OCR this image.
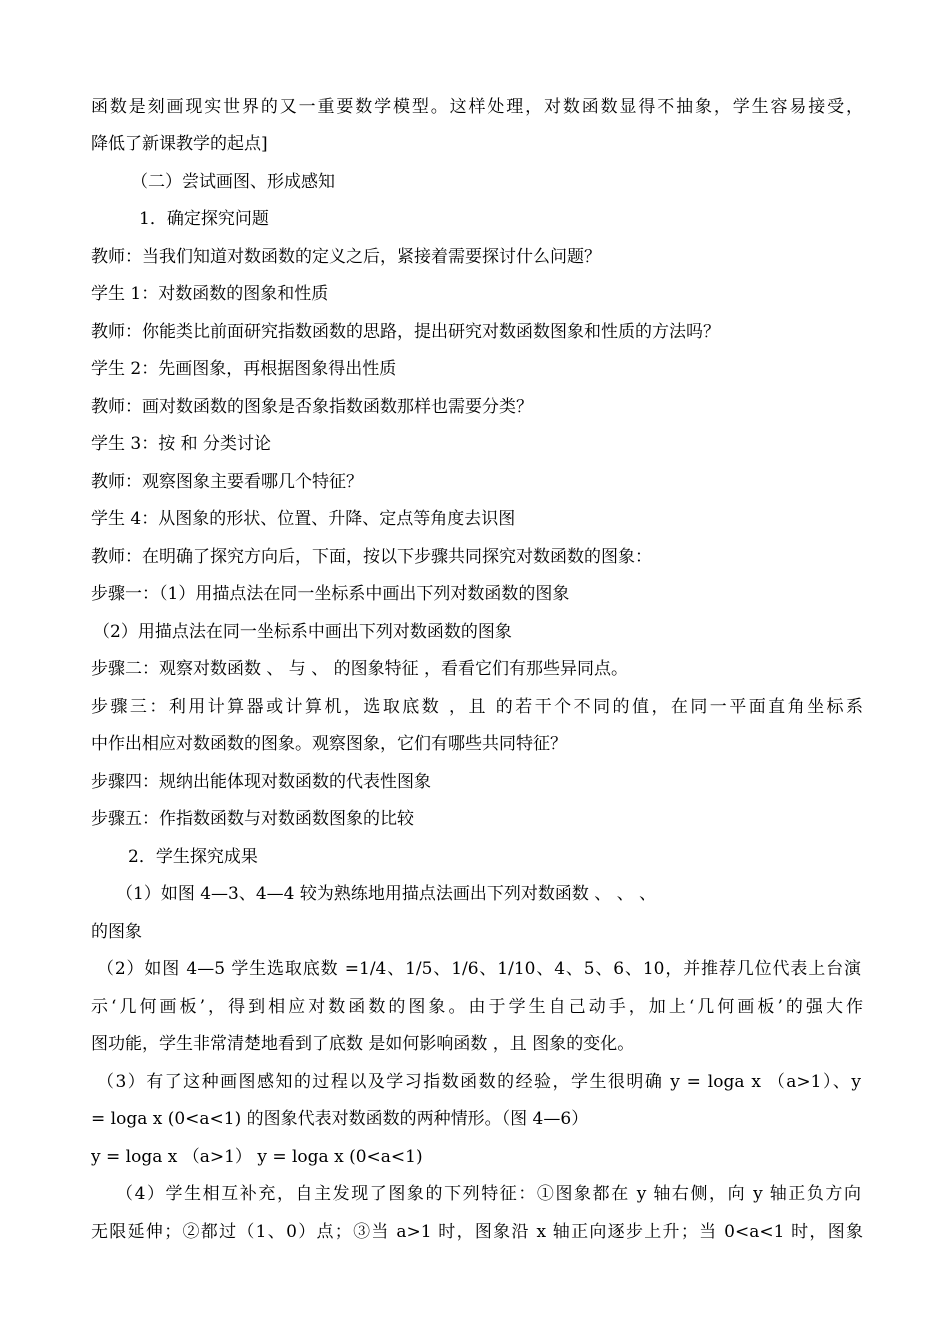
函数是刻画现实世界的又一重要数学模型。这样处理，对数函数显得不抽象，学生容易接受，
降低了新课教学的起点]
（二）尝试画图、形成感知
1．确定探究问题
教师：当我们知道对数函数的定义之后，紧接着需要探讨什么问题？
学生 1：对数函数的图象和性质
教师：你能类比前面研究指数函数的思路，提出研究对数函数图象和性质的方法吗？
学生 2：先画图象，再根据图象得出性质
教师：画对数函数的图象是否象指数函数那样也需要分类？
学生 3：按 和 分类讨论
教师：观察图象主要看哪几个特征？
学生 4：从图象的形状、位置、升降、定点等角度去识图
教师：在明确了探究方向后，下面，按以下步骤共同探究对数函数的图象：
步骤一：（1）用描点法在同一坐标系中画出下列对数函数的图象
（2）用描点法在同一坐标系中画出下列对数函数的图象
步骤二：观察对数函数 、 与 、 的图象特征 ，看看它们有那些异同点。
步骤三：利用计算器或计算机，选取底数 ，且 的若干个不同的值，在同一平面直角坐标系
中作出相应对数函数的图象。观察图象，它们有哪些共同特征？
步骤四：规纳出能体现对数函数的代表性图象
步骤五：作指数函数与对数函数图象的比较
2．学生探究成果
（1）如图 4—3、4—4 较为熟练地用描点法画出下列对数函数 、 、 、
的图象
（2）如图 4—5 学生选取底数 =1/4、1/5、1/6、1/10、4、5、6、10，并推荐几位代表上台演
示‘几何画板’，得到相应对数函数的图象。由于学生自己动手，加上‘几何画板’的强大作
图功能，学生非常清楚地看到了底数 是如何影响函数 ，且 图象的变化。
（3）有了这种画图感知的过程以及学习指数函数的经验，学生很明确 y = loga x （a>1）、y
= loga x (0<a<1) 的图象代表对数函数的两种情形。（图 4—6）
y = loga x （a>1） y = loga x (0<a<1)
（4）学生相互补充，自主发现了图象的下列特征：①图象都在 y 轴右侧，向 y 轴正负方向
无限延伸；②都过（1、0）点；③当 a>1 时，图象沿 x 轴正向逐步上升；当 0<a<1 时，图象
